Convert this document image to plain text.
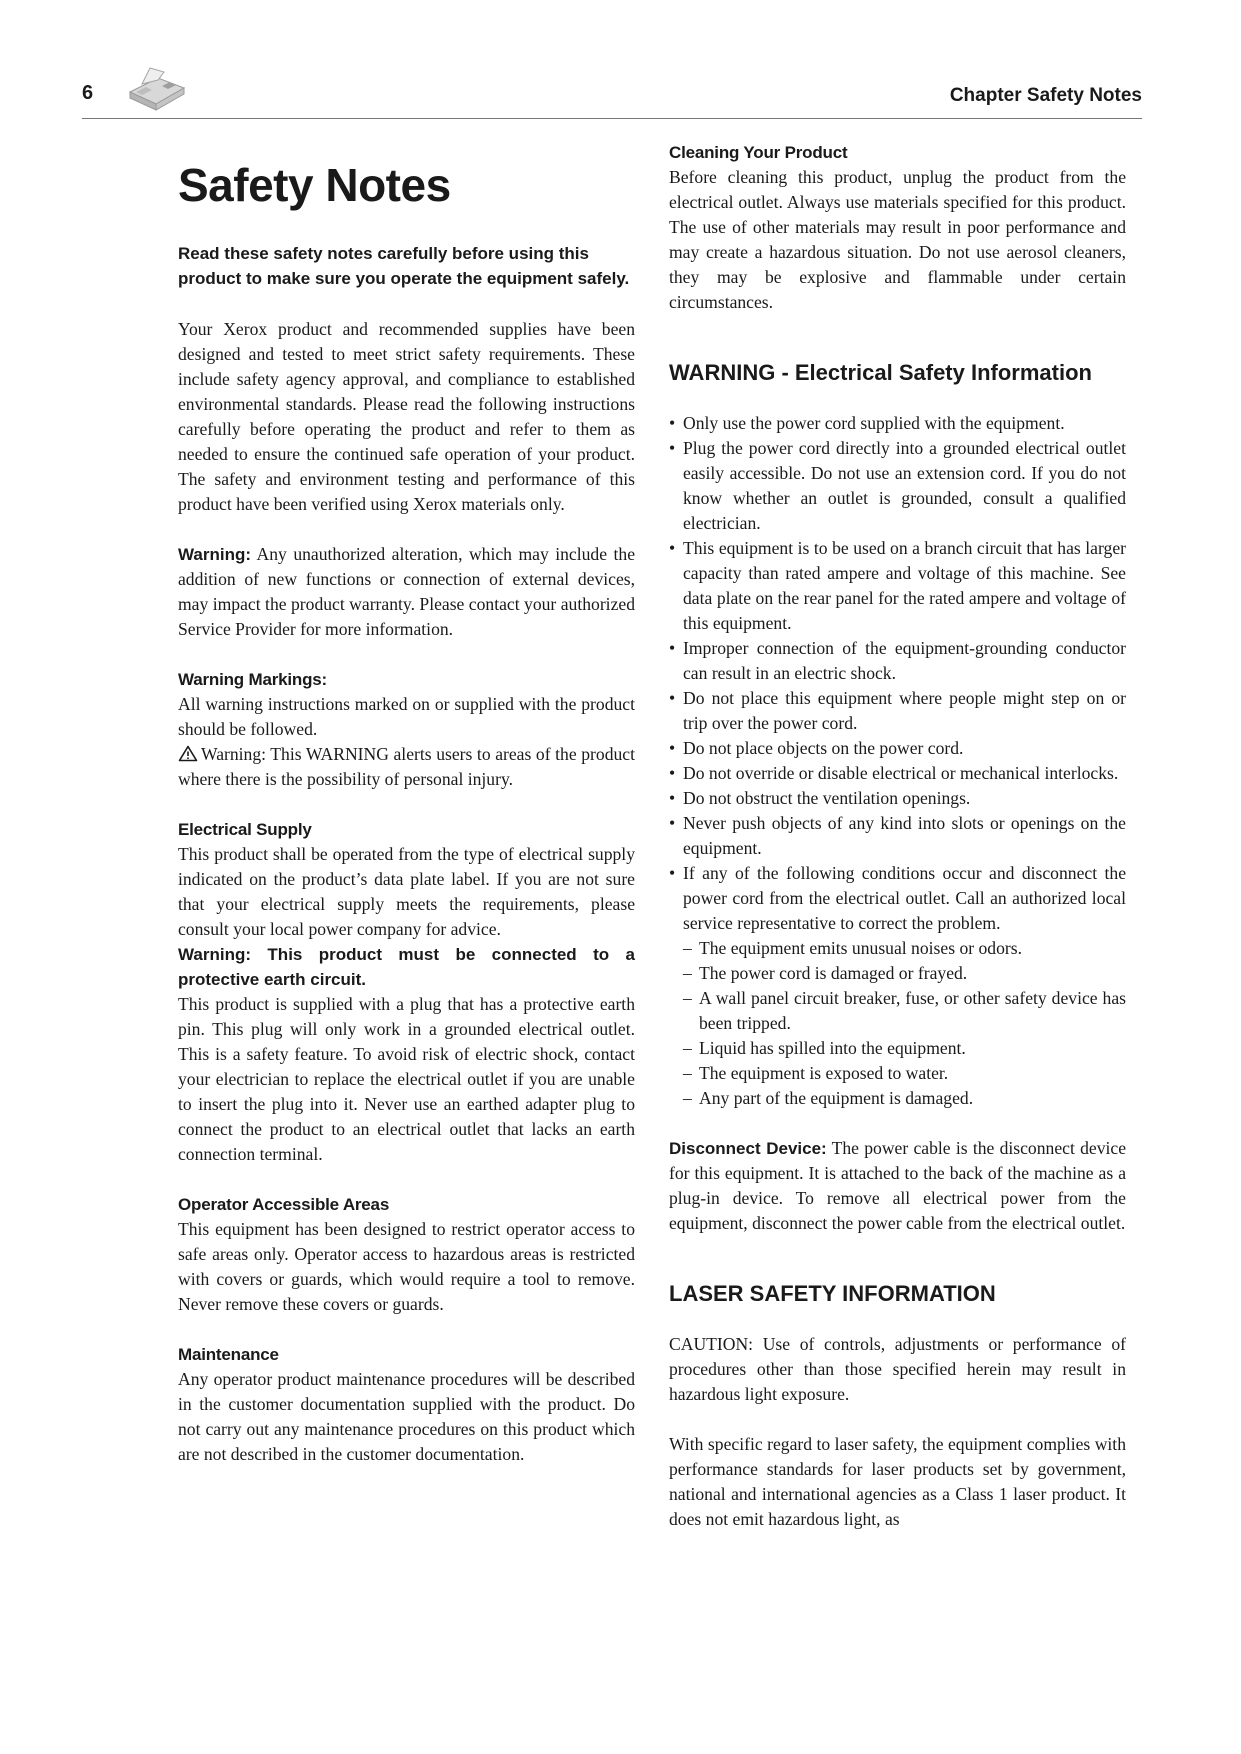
6	Chapter Safety Notes
Safety Notes
Read these safety notes carefully before using this product to make sure you operate the equipment safely.

Your Xerox product and recommended supplies have been designed and tested to meet strict safety requirements. These include safety agency approval, and compliance to established environmental standards. Please read the following instructions carefully before operating the product and refer to them as needed to ensure the continued safe operation of your product. The safety and environment testing and performance of this product have been verified using Xerox materials only.

Warning: Any unauthorized alteration, which may include the addition of new functions or connection of external devices, may impact the product warranty. Please contact your authorized Service Provider for more information.

Warning Markings:

All warning instructions marked on or supplied with the product should be followed.

Warning: This WARNING alerts users to areas of the product where there is the possibility of personal injury.

Electrical Supply

This product shall be operated from the type of electrical supply indicated on the product’s data plate label. If you are not sure that your electrical supply meets the requirements, please consult your local power company for advice.

Warning: This product must be connected to a protective earth circuit.

This product is supplied with a plug that has a protective earth pin. This plug will only work in a grounded electrical outlet. This is a safety feature. To avoid risk of electric shock, contact your electrician to replace the electrical outlet if you are unable to insert the plug into it. Never use an earthed adapter plug to connect the product to an electrical outlet that lacks an earth connection terminal.

Operator Accessible Areas

This equipment has been designed to restrict operator access to safe areas only. Operator access to hazardous areas is restricted with covers or guards, which would require a tool to remove. Never remove these covers or guards.

Maintenance

Any operator product maintenance procedures will be described in the customer documentation supplied with the product. Do not carry out any maintenance procedures on this product which are not described in the customer documentation.

Cleaning Your Product

Before cleaning this product, unplug the product from the electrical outlet. Always use materials specified for this product. The use of other materials may result in poor performance and may create a hazardous situation. Do not use aerosol cleaners, they may be explosive and flammable under certain circumstances.

WARNING - Electrical Safety Information
• Only use the power cord supplied with the equipment.
• Plug the power cord directly into a grounded electrical outlet easily accessible. Do not use an extension cord. If you do not know whether an outlet is grounded, consult a qualified electrician.
• This equipment is to be used on a branch circuit that has larger capacity than rated ampere and voltage of this machine. See data plate on the rear panel for the rated ampere and voltage of this equipment.
• Improper connection of the equipment-grounding conductor can result in an electric shock.
• Do not place this equipment where people might step on or trip over the power cord.
• Do not place objects on the power cord.
• Do not override or disable electrical or mechanical interlocks.
• Do not obstruct the ventilation openings.
• Never push objects of any kind into slots or openings on the equipment.
• If any of the following conditions occur and disconnect the power cord from the electrical outlet. Call an authorized local service representative to correct the problem.
– The equipment emits unusual noises or odors.
– The power cord is damaged or frayed.
– A wall panel circuit breaker, fuse, or other safety device has been tripped.
– Liquid has spilled into the equipment.
– The equipment is exposed to water.
– Any part of the equipment is damaged.

Disconnect Device: The power cable is the disconnect device for this equipment. It is attached to the back of the machine as a plug-in device. To remove all electrical power from the equipment, disconnect the power cable from the electrical outlet.

LASER SAFETY INFORMATION

CAUTION: Use of controls, adjustments or performance of procedures other than those specified herein may result in hazardous light exposure.

With specific regard to laser safety, the equipment complies with performance standards for laser products set by government, national and international agencies as a Class 1 laser product. It does not emit hazardous light, as
